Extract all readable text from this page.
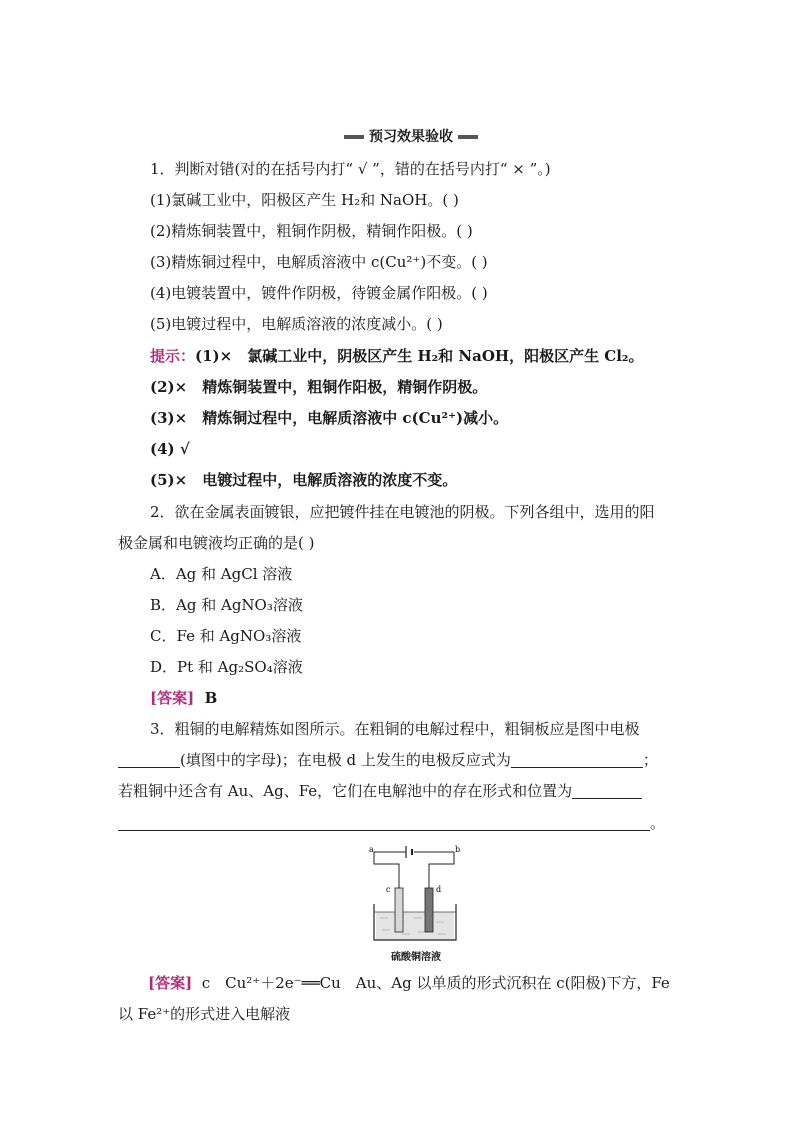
预习效果验收
1．判断对错(对的在括号内打“ √ ”，错的在括号内打“ × ”。)
(1)氯碱工业中，阳极区产生 H₂和 NaOH。( )
(2)精炼铜装置中，粗铜作阴极，精铜作阳极。( )
(3)精炼铜过程中，电解质溶液中 c(Cu²⁺)不变。( )
(4)电镀装置中，镀件作阴极，待镀金属作阳极。( )
(5)电镀过程中，电解质溶液的浓度减小。( )
提示：(1)×　氯碱工业中，阴极区产生 H₂和 NaOH，阳极区产生 Cl₂。
(2)×　精炼铜装置中，粗铜作阳极，精铜作阴极。
(3)×　精炼铜过程中，电解质溶液中 c(Cu²⁺)减小。
(4) √
(5)×　电镀过程中，电解质溶液的浓度不变。
2．欲在金属表面镀银，应把镀件挂在电镀池的阴极。下列各组中，选用的阳
极金属和电镀液均正确的是( )
A．Ag 和 AgCl 溶液
B．Ag 和 AgNO₃溶液
C．Fe 和 AgNO₃溶液
D．Pt 和 Ag₂SO₄溶液
[答案] B
3．粗铜的电解精炼如图所示。在粗铜的电解过程中，粗铜板应是图中电极
(填图中的字母)；在电极 d 上发生的电极反应式为	；
若粗铜中还含有 Au、Ag、Fe，它们在电解池中的存在形式和位置为
。
a	b
c	d
硫酸铜溶液
[答案] c　Cu²⁺＋2e⁻══Cu　Au、Ag 以单质的形式沉积在 c(阳极)下方，Fe
以 Fe²⁺的形式进入电解液
